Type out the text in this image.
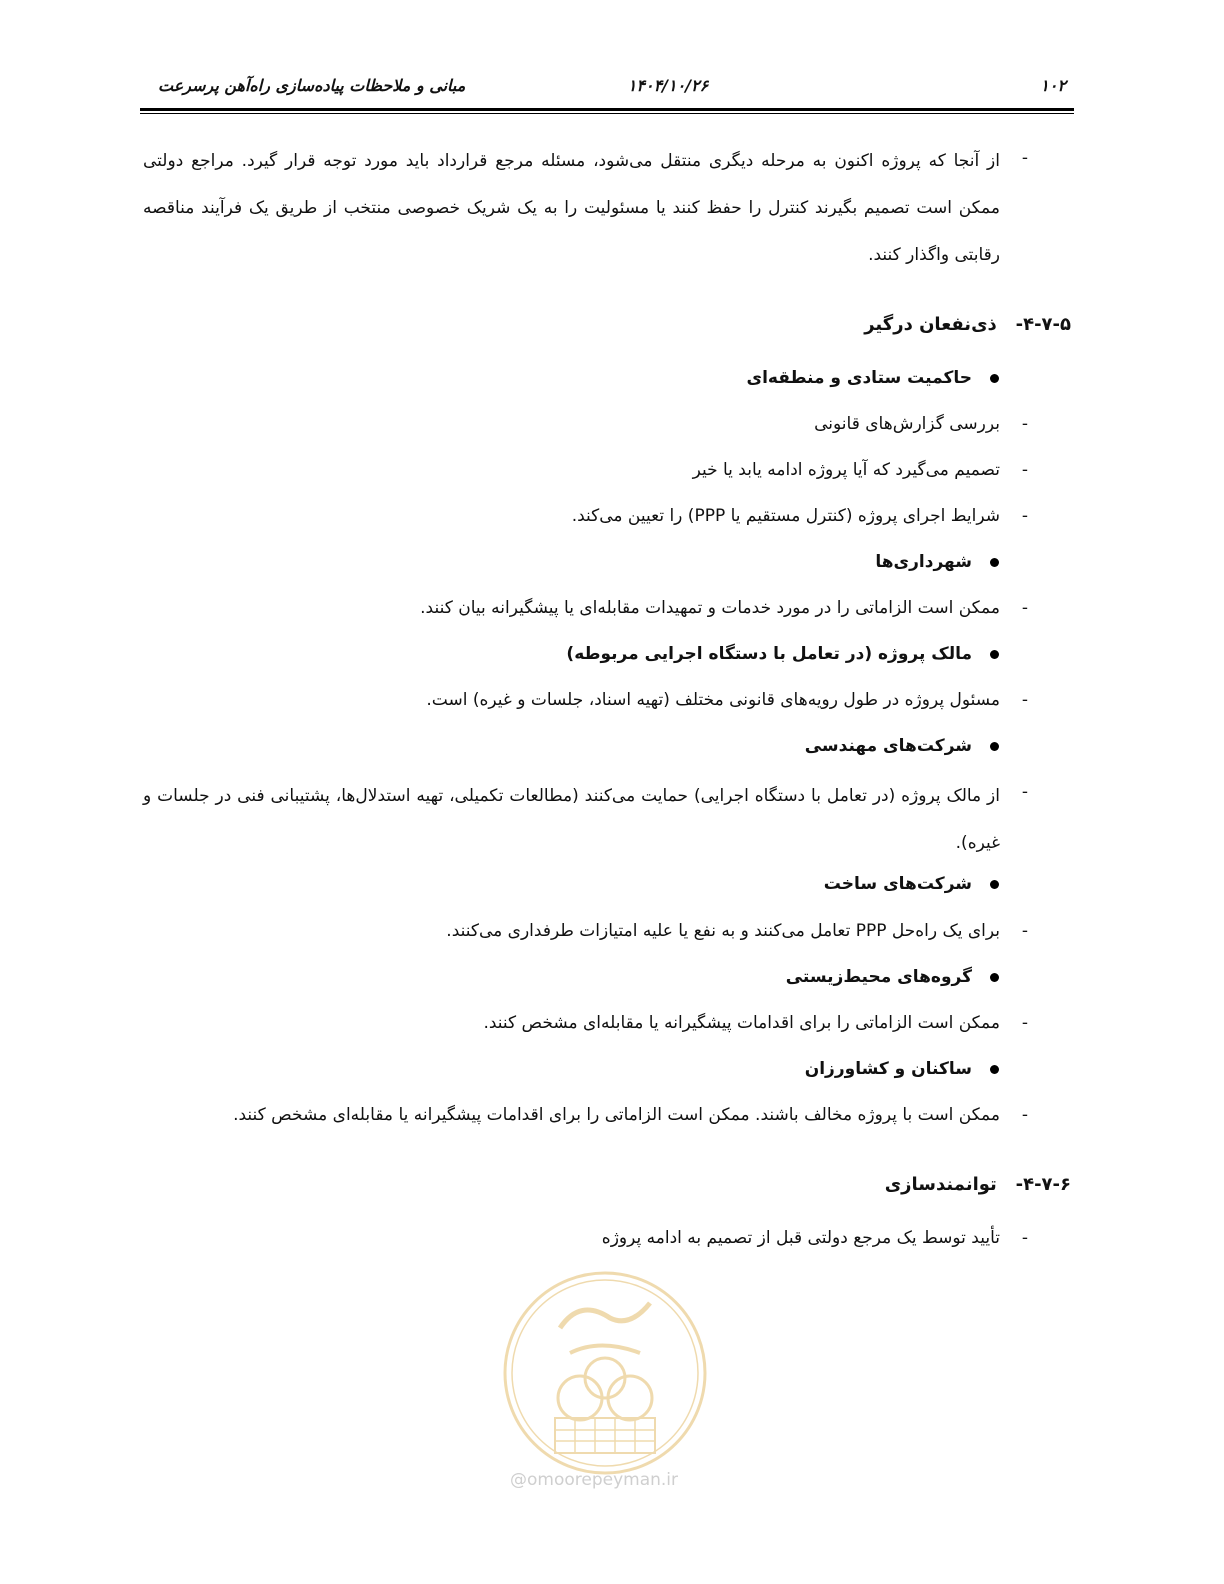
۱۰۲
۱۴۰۴/۱۰/۲۶
مبانی و ملاحظات پیاده‌سازی راه‌آهن پرسرعت
-
از آنجا که پروژه اکنون به مرحله دیگری منتقل می‌شود، مسئله مرجع قرارداد باید مورد توجه قرار گیرد. مراجع دولتی ممکن است تصمیم بگیرند کنترل را حفظ کنند یا مسئولیت را به یک شریک خصوصی منتخب از طریق یک فرآیند مناقصه رقابتی واگذار کنند.
۴-۷-۵-   ذی‌نفعان درگیر
حاکمیت ستادی و منطقه‌ای
-
بررسی گزارش‌های قانونی
-
تصمیم می‌گیرد که آیا پروژه ادامه یابد یا خیر
-
شرایط اجرای پروژه (کنترل مستقیم یا PPP) را تعیین می‌کند.
شهرداری‌ها
-
ممکن است الزاماتی را در مورد خدمات و تمهیدات مقابله‌ای یا پیشگیرانه بیان کنند.
مالک پروژه (در تعامل با دستگاه اجرایی مربوطه)
-
مسئول پروژه در طول رویه‌های قانونی مختلف (تهیه اسناد، جلسات و غیره) است.
شرکت‌های مهندسی
-
از مالک پروژه (در تعامل با دستگاه اجرایی) حمایت می‌کنند (مطالعات تکمیلی، تهیه استدلال‌ها، پشتیبانی فنی در جلسات و غیره).
شرکت‌های ساخت
-
برای یک راه‌حل PPP تعامل می‌کنند و به نفع یا علیه امتیازات طرفداری می‌کنند.
گروه‌های محیط‌زیستی
-
ممکن است الزاماتی را برای اقدامات پیشگیرانه یا مقابله‌ای مشخص کنند.
ساکنان و کشاورزان
-
ممکن است با پروژه مخالف باشند. ممکن است الزاماتی را برای اقدامات پیشگیرانه یا مقابله‌ای مشخص کنند.
۴-۷-۶-   توانمندسازی
-
تأیید توسط یک مرجع دولتی قبل از تصمیم به ادامه پروژه
@omoorepeyman.ir
